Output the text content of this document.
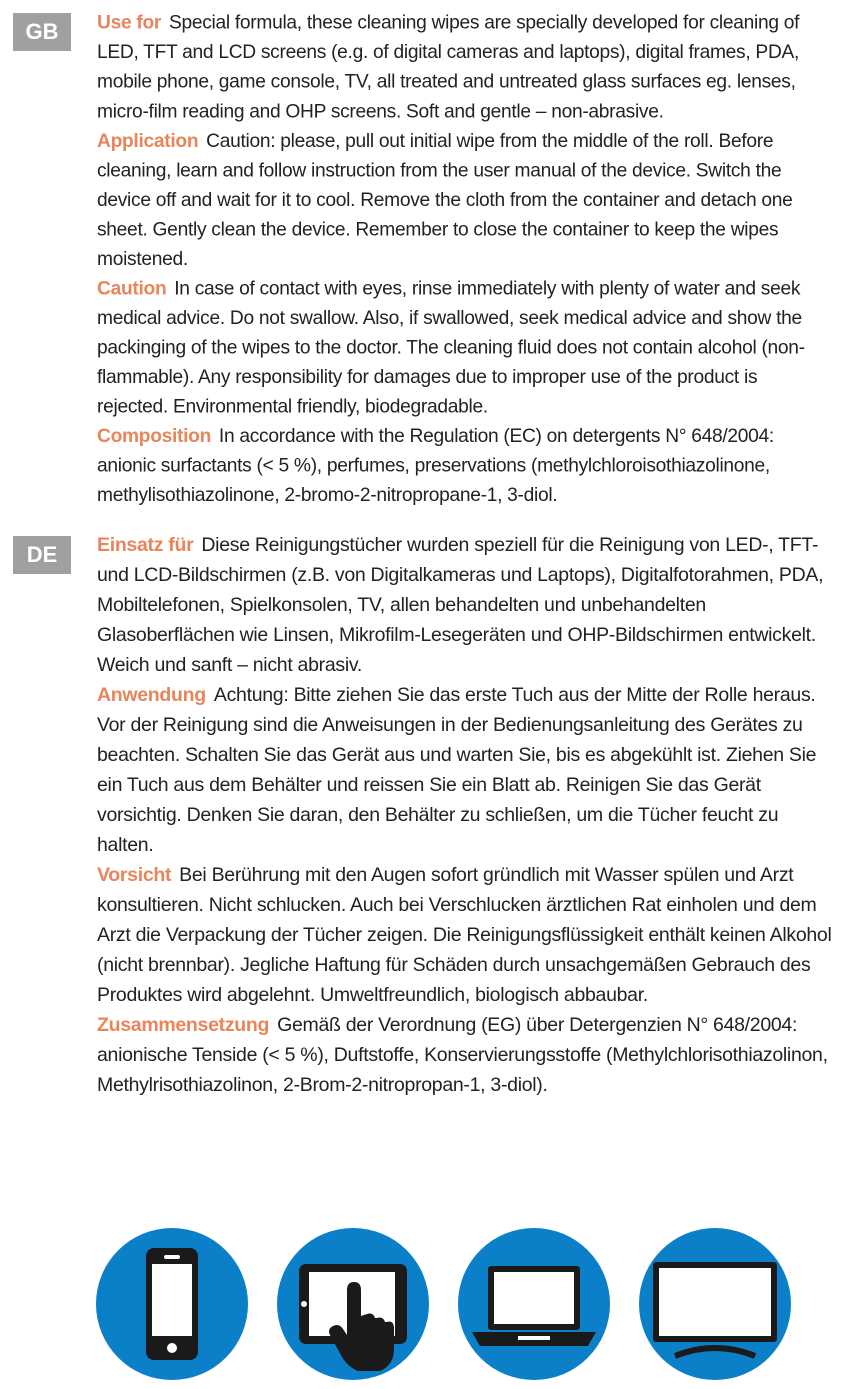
GB	Use for Special formula, these cleaning wipes are specially developed for cleaning of LED, TFT and LCD screens (e.g. of digital cameras and laptops), digital frames, PDA, mobile phone, game console, TV, all treated and untreated glass surfaces eg. lenses, micro-film reading and OHP screens. Soft and gentle – non-abrasive.

Application Caution: please, pull out initial wipe from the middle of the roll. Before cleaning, learn and follow instruction from the user manual of the device. Switch the device off and wait for it to cool. Remove the cloth from the container and detach one sheet. Gently clean the device. Remember to close the container to keep the wipes moistened.

Caution In case of contact with eyes, rinse immediately with plenty of water and seek medical advice. Do not swallow. Also, if swallowed, seek medical advice and show the packinging of the wipes to the doctor. The cleaning fluid does not contain alcohol (non-flammable). Any responsibility for damages due to improper use of the product is rejected. Environmental friendly, biodegradable.

Composition In accordance with the Regulation (EC) on detergents N° 648/2004: anionic surfactants (< 5 %), perfumes, preservations (methylchloroisothiazolinone, methylisothiazolinone, 2-bromo-2-nitropropane-1, 3-diol.

DE	Einsatz für Diese Reinigungstücher wurden speziell für die Reinigung von LED-, TFT- und LCD-Bildschirmen (z.B. von Digitalkameras und Laptops), Digitalfotorahmen, PDA, Mobiltelefonen, Spielkonsolen, TV, allen behandelten und unbehandelten Glasoberflächen wie Linsen, Mikrofilm-Lesegeräten und OHP-Bildschirmen entwickelt. Weich und sanft – nicht abrasiv.

Anwendung Achtung: Bitte ziehen Sie das erste Tuch aus der Mitte der Rolle heraus. Vor der Reinigung sind die Anweisungen in der Bedienungsanleitung des Gerätes zu beachten. Schalten Sie das Gerät aus und warten Sie, bis es abgekühlt ist. Ziehen Sie ein Tuch aus dem Behälter und reissen Sie ein Blatt ab. Reinigen Sie das Gerät vorsichtig. Denken Sie daran, den Behälter zu schließen, um die Tücher feucht zu halten.

Vorsicht Bei Berührung mit den Augen sofort gründlich mit Wasser spülen und Arzt konsultieren. Nicht schlucken. Auch bei Verschlucken ärztlichen Rat einholen und dem Arzt die Verpackung der Tücher zeigen. Die Reinigungsflüssigkeit enthält keinen Alkohol (nicht brennbar). Jegliche Haftung für Schäden durch unsachgemäßen Gebrauch des Produktes wird abgelehnt. Umweltfreundlich, biologisch abbaubar.

Zusammensetzung Gemäß der Verordnung (EG) über Detergenzien N° 648/2004: anionische Tenside (< 5 %), Duftstoffe, Konservierungsstoffe (Methylchlorisothiazolinon, Methylrisothiazolinon, 2-Brom-2-nitropropan-1, 3-diol).
